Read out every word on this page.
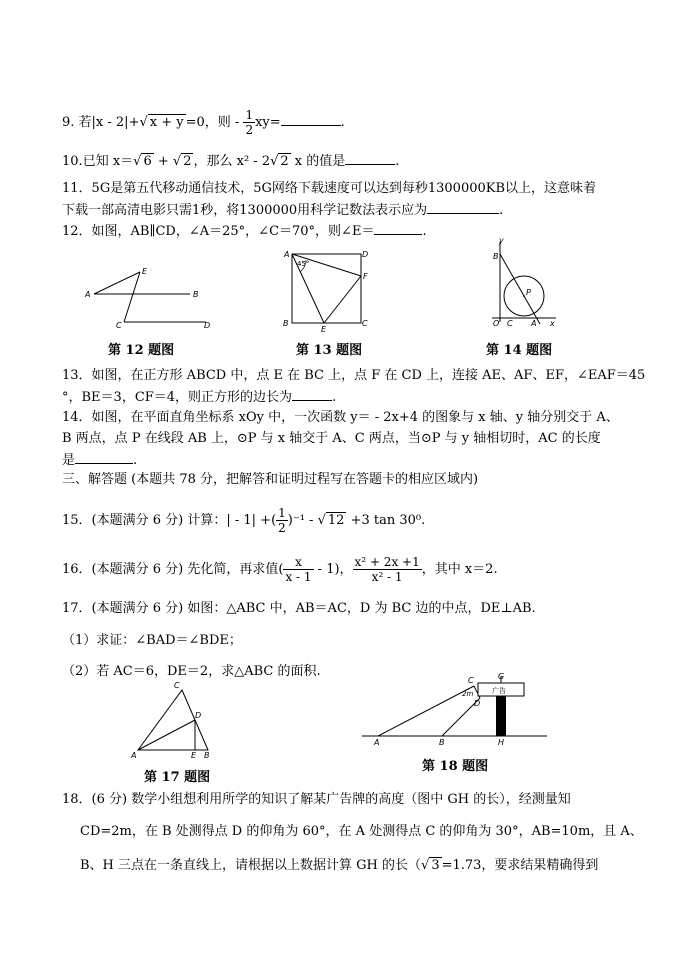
9. 若|x - 2|+√ x + y =0，则 - $\frac{1}{2} xy=$	.
10.已知 x＝√ 6 + √ 2 ，那么 x² - 2√ 2 x 的值是	.
11．5G是第五代移动通信技术，5G网络下载速度可以达到每秒1300000KB以上，这意味着
下载一部高清电影只需1秒，将1300000用科学记数法表示应为	.
12．如图，AB∥CD，∠A＝25°，∠C＝70°，则∠E＝	.
A	B
C	D
E
第 12 题图
45°
A
B	C
D
E
F
第 13 题图
y
B
P
O C A x
第 14 题图
13．如图，在正方形 ABCD 中，点 E 在 BC 上，点 F 在 CD 上，连接 AE、AF、EF，∠EAF＝45
°，BE＝3，CF＝4，则正方形的边长为	.
14．如图，在平面直角坐标系 xOy 中，一次函数 y＝ - 2x+4 的图象与 x 轴、y 轴分别交于 A、
B 两点，点 P 在线段 AB 上，⊙P 与 x 轴交于 A、C 两点，当⊙P 与 y 轴相切时，AC 的长度
是	.
三、解答题 (本题共 78 分，把解答和证明过程写在答题卡的相应区域内)
15．(本题满分 6 分) 计算：| - 1| +( $\frac{1}{2} )^{-1}$ - √ 12 +3 tan 30⁰.
16．(本题满分 6 分) 先化简，再求值( $\frac{x}{x - 1} - 1$)， $\frac{\text{x² + 2x +1}}{\text{x² - 1}}$ ，其中 x＝2.
17．(本题满分 6 分) 如图：△ABC 中，AB＝AC，D 为 BC 边的中点，DE⊥AB.
（1）求证：∠BAD＝∠BDE；
（2）若 AC＝6，DE＝2，求△ABC 的面积.
C
D
A	E B
第 17 题图
C	G
2m
D
广告
A	B	H
第 18 题图
18．(6 分) 数学小组想利用所学的知识了解某广告牌的高度（图中 GH 的长），经测量知
CD=2m，在 B 处测得点 D 的仰角为 60°，在 A 处测得点 C 的仰角为 30°，AB=10m，且 A、
B、H 三点在一条直线上，请根据以上数据计算 GH 的长（√ 3 =1.73，要求结果精确得到
